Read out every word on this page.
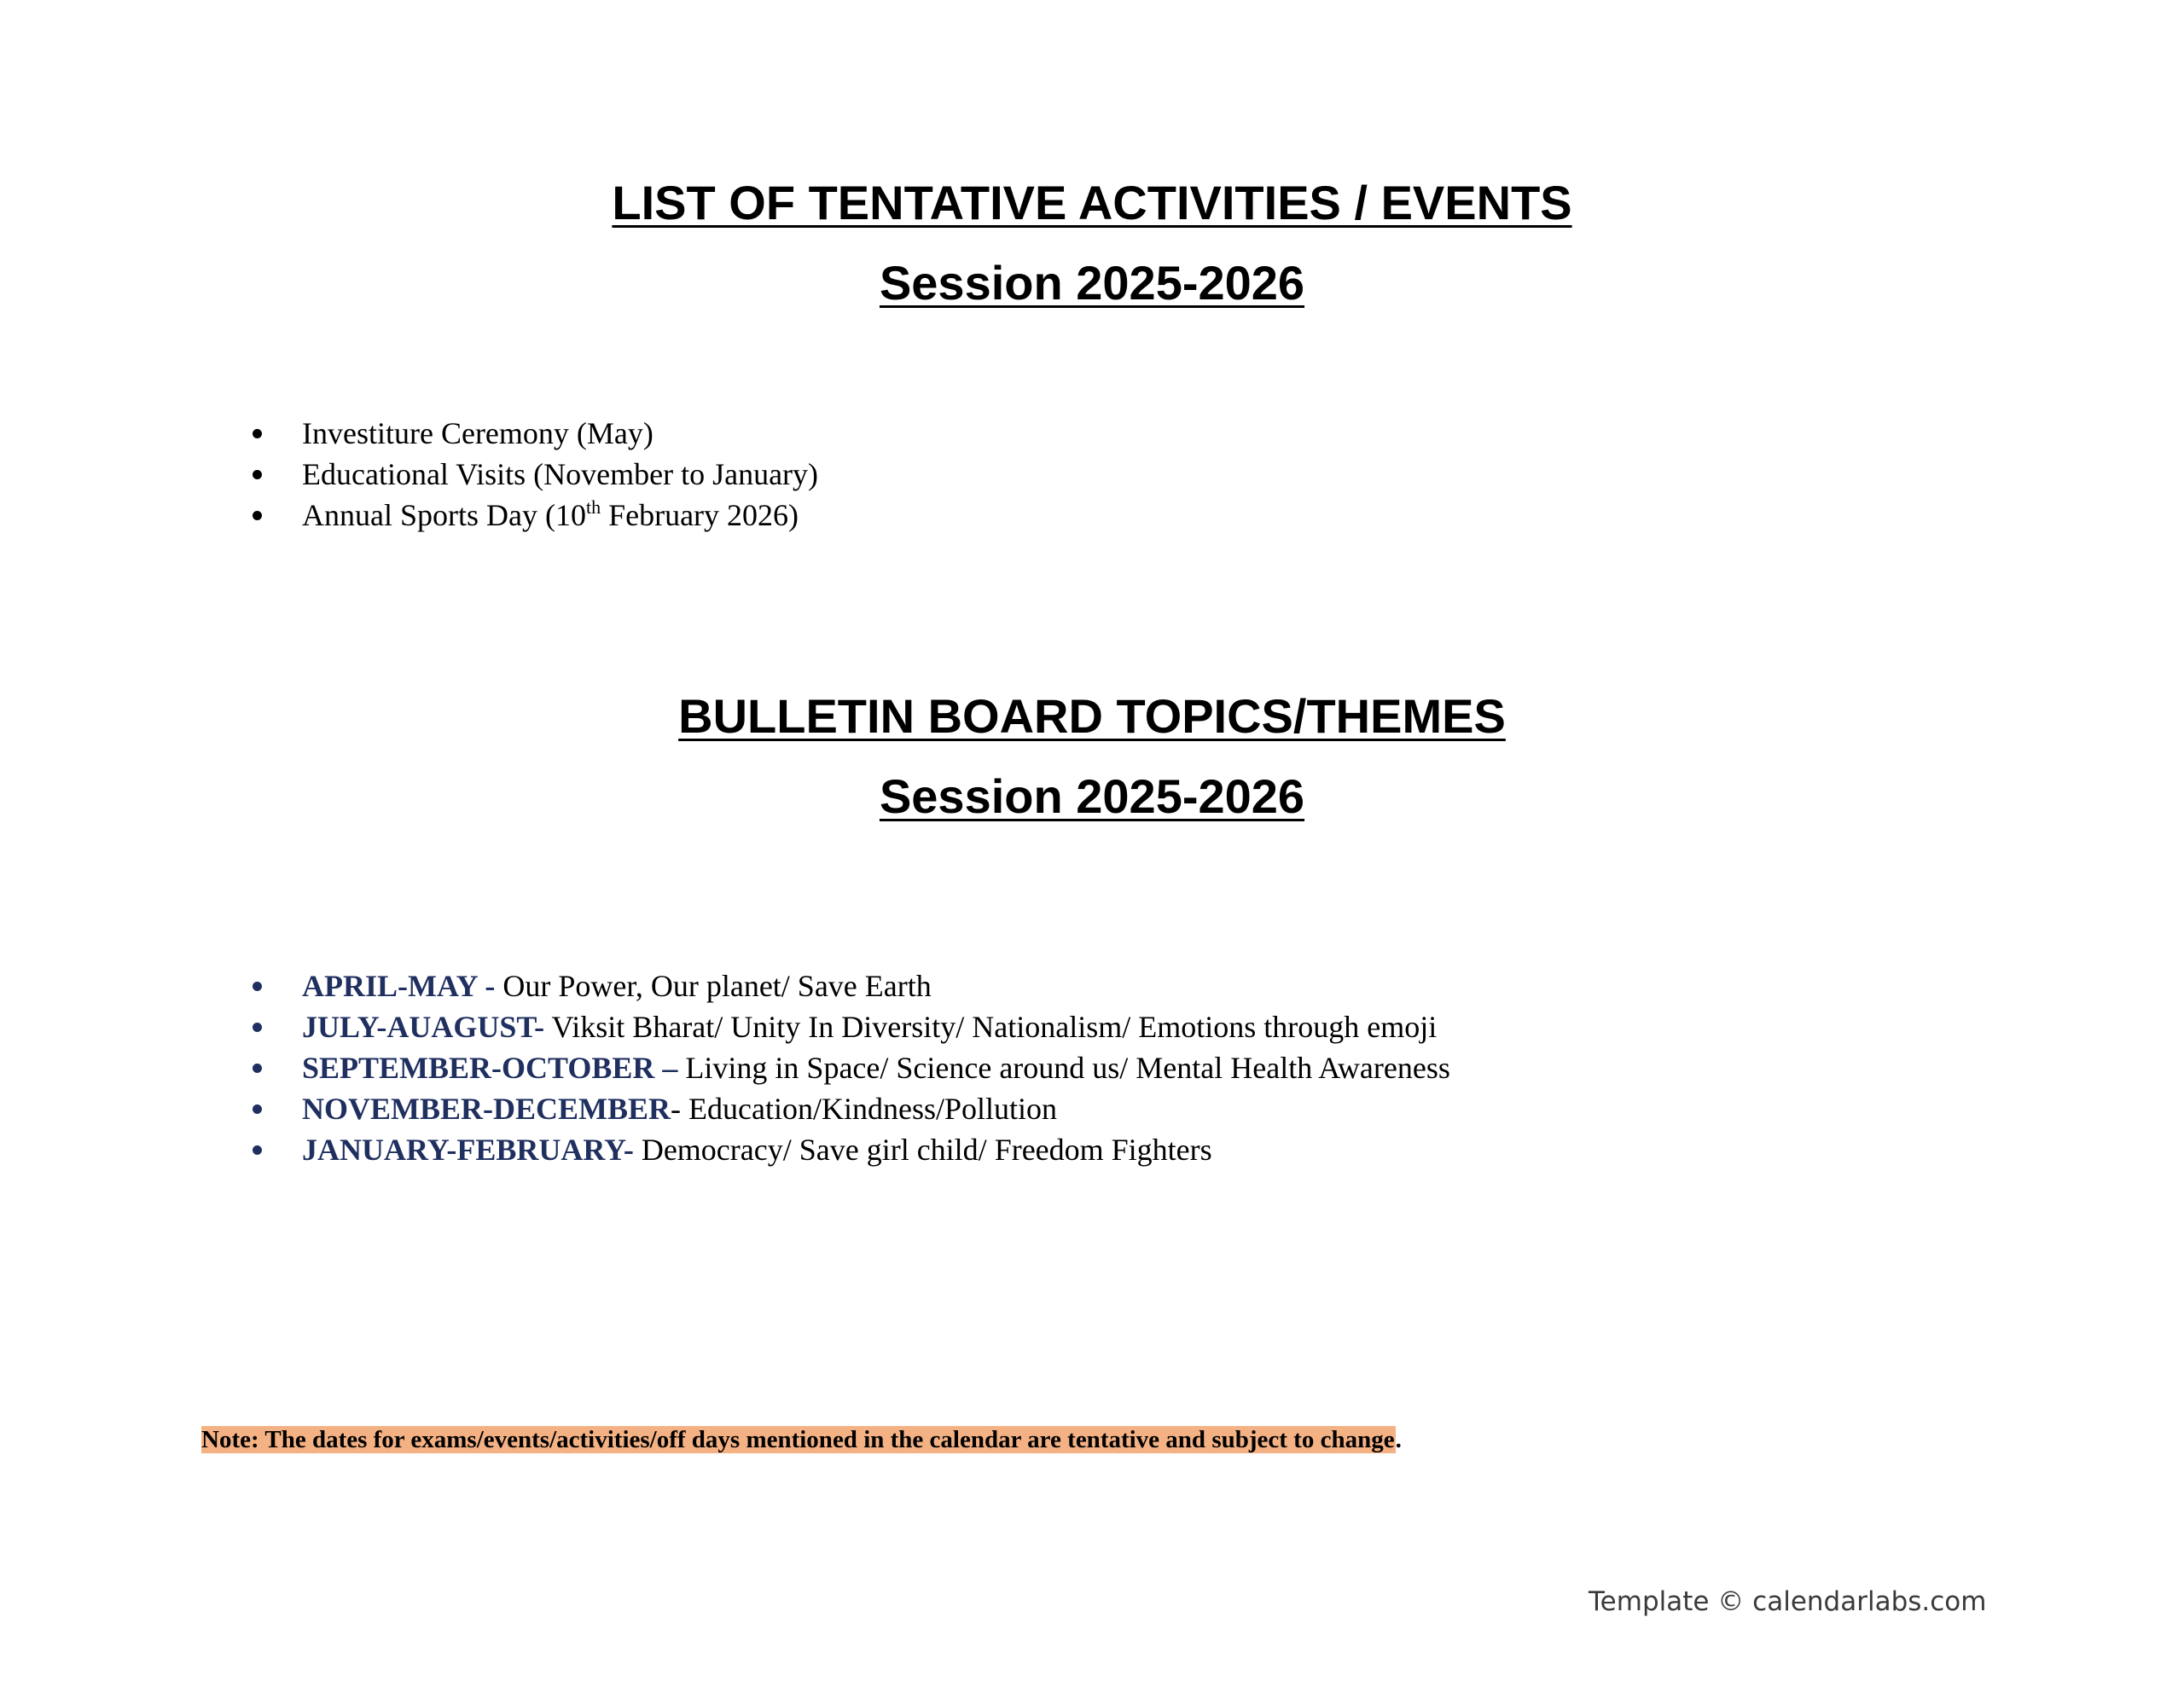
LIST OF TENTATIVE ACTIVITIES / EVENTS
Session 2025-2026
Investiture Ceremony (May)
Educational Visits (November to January)
Annual Sports Day (10th February 2026)
BULLETIN BOARD TOPICS/THEMES
Session 2025-2026
APRIL-MAY - Our Power, Our planet/ Save Earth
JULY-AUAGUST- Viksit Bharat/ Unity In Diversity/ Nationalism/ Emotions through emoji
SEPTEMBER-OCTOBER – Living in Space/ Science around us/ Mental Health Awareness
NOVEMBER-DECEMBER- Education/Kindness/Pollution
JANUARY-FEBRUARY- Democracy/ Save girl child/ Freedom Fighters
Note: The dates for exams/events/activities/off days mentioned in the calendar are tentative and subject to change.
Template © calendarlabs.com
